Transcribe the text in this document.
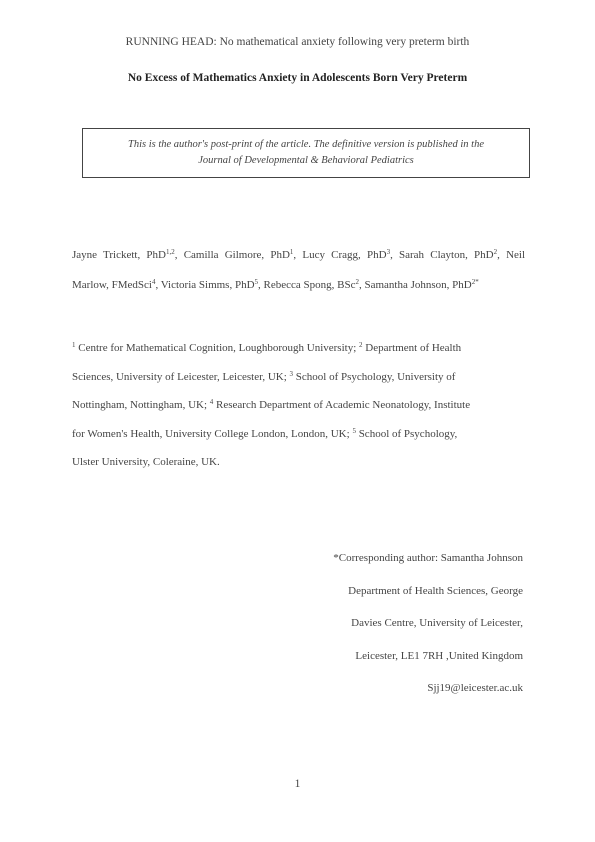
RUNNING HEAD: No mathematical anxiety following very preterm birth
No Excess of Mathematics Anxiety in Adolescents Born Very Preterm
This is the author's post-print of the article. The definitive version is published in the
Journal of Developmental & Behavioral Pediatrics
Jayne Trickett, PhD$^{1,2}$, Camilla Gilmore, PhD$^1$, Lucy Cragg, PhD$^3$, Sarah Clayton, PhD$^2$, Neil
Marlow, FMedSci$^4$, Victoria Simms, PhD$^5$, Rebecca Spong, BSc$^2$, Samantha Johnson, PhD$^{2*}$
$^1$ Centre for Mathematical Cognition, Loughborough University; $^2$ Department of Health
Sciences, University of Leicester, Leicester, UK; $^3$ School of Psychology, University of
Nottingham, Nottingham, UK; $^4$ Research Department of Academic Neonatology, Institute
for Women's Health, University College London, London, UK; $^5$ School of Psychology,
Ulster University, Coleraine, UK.
*Corresponding author: Samantha Johnson
Department of Health Sciences, George
Davies Centre, University of Leicester,
Leicester, LE1 7RH ,United Kingdom
Sjj19@leicester.ac.uk
1
